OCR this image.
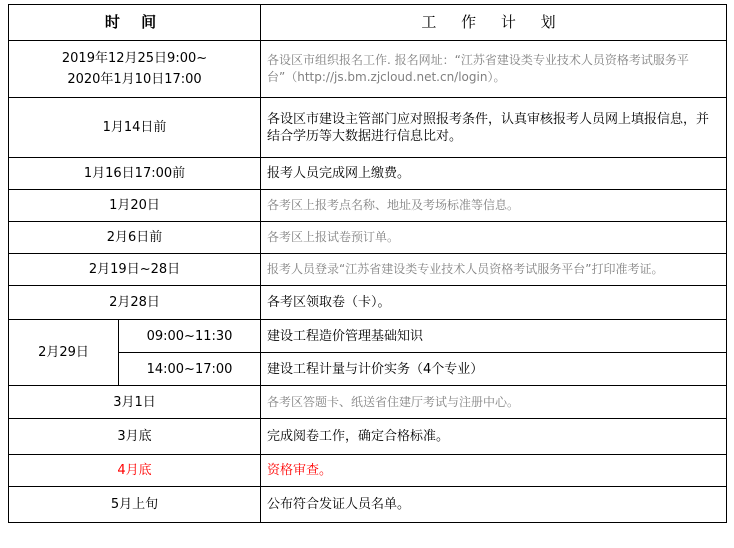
时 间		工 作 计 划

2019年12月25日9:00~
2020年1月10日17:00		各设区市组织报名工作. 报名网址：“江苏省建设类专业技术人员资格考试服务平台”（http://js.bm.zjcloud.net.cn/login）。
1月14日前		各设区市建设主管部门应对照报考条件，认真审核报考人员网上填报信息，并结合学历等大数据进行信息比对。
1月16日17:00前		报考人员完成网上缴费。
1月20日		各考区上报考点名称、地址及考场标准等信息。
2月6日前		各考区上报试卷预订单。
2月19日~28日		报考人员登录“江苏省建设类专业技术人员资格考试服务平台”打印准考证。
2月28日		各考区领取卷（卡）。
2月29日	09:00~11:30	建设工程造价管理基础知识
	14:00~17:00	建设工程计量与计价实务（4个专业）
3月1日		各考区答题卡、纸送省住建厅考试与注册中心。
3月底		完成阅卷工作，确定合格标准。
4月底		资格审查。
5月上旬		公布符合发证人员名单。
